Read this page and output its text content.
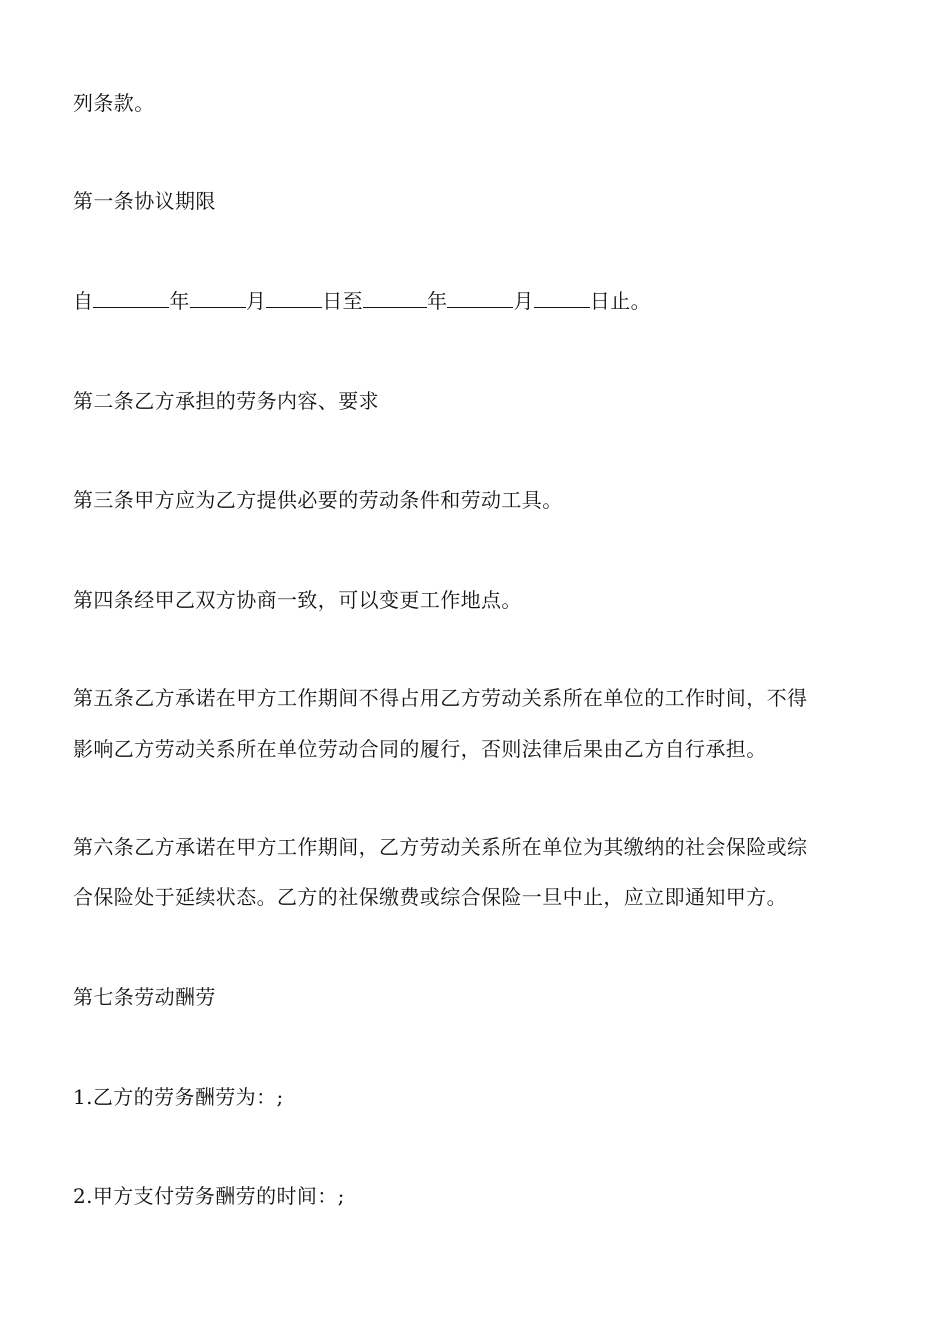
列条款。
第一条协议期限
自	年	月	日至	年	月	日止。
第二条乙方承担的劳务内容、要求
第三条甲方应为乙方提供必要的劳动条件和劳动工具。
第四条经甲乙双方协商一致，可以变更工作地点。
第五条乙方承诺在甲方工作期间不得占用乙方劳动关系所在单位的工作时间，不得
影响乙方劳动关系所在单位劳动合同的履行，否则法律后果由乙方自行承担。
第六条乙方承诺在甲方工作期间，乙方劳动关系所在单位为其缴纳的社会保险或综
合保险处于延续状态。乙方的社保缴费或综合保险一旦中止，应立即通知甲方。
第七条劳动酬劳
1.乙方的劳务酬劳为：;
2.甲方支付劳务酬劳的时间：;
